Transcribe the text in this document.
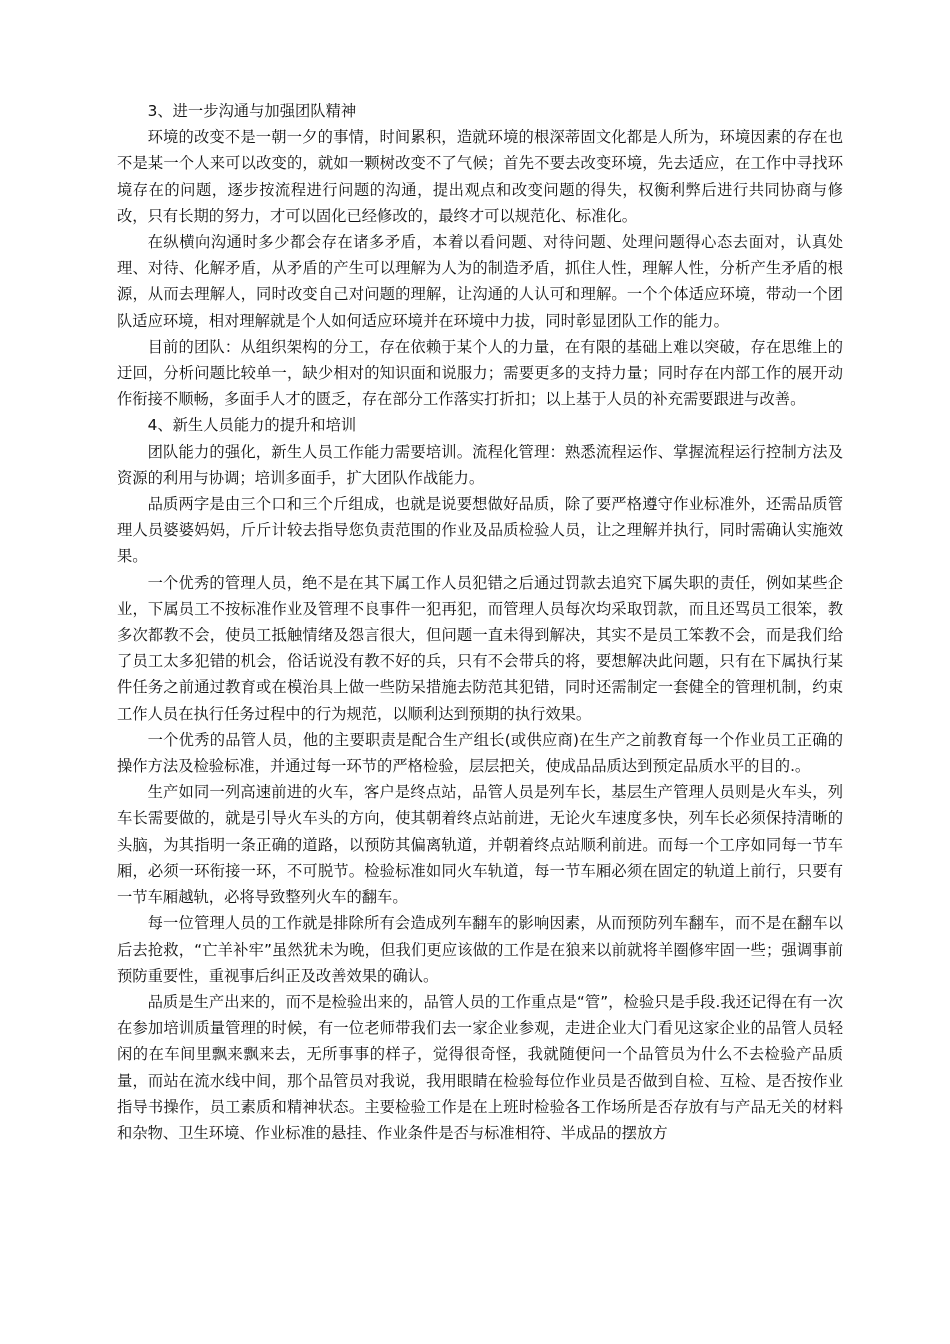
3、进一步沟通与加强团队精神

环境的改变不是一朝一夕的事情，时间累积，造就环境的根深蒂固文化都是人所为，环境因素的存在也不是某一个人来可以改变的，就如一颗树改变不了气候；首先不要去改变环境，先去适应，在工作中寻找环境存在的问题，逐步按流程进行问题的沟通，提出观点和改变问题的得失，权衡利弊后进行共同协商与修改，只有长期的努力，才可以固化已经修改的，最终才可以规范化、标准化。

在纵横向沟通时多少都会存在诸多矛盾，本着以看问题、对待问题、处理问题得心态去面对，认真处理、对待、化解矛盾，从矛盾的产生可以理解为人为的制造矛盾，抓住人性，理解人性，分析产生矛盾的根源，从而去理解人，同时改变自己对问题的理解，让沟通的人认可和理解。一个个体适应环境，带动一个团队适应环境，相对理解就是个人如何适应环境并在环境中力拔，同时彰显团队工作的能力。

目前的团队：从组织架构的分工，存在依赖于某个人的力量，在有限的基础上难以突破，存在思维上的迂回，分析问题比较单一，缺少相对的知识面和说服力；需要更多的支持力量；同时存在内部工作的展开动作衔接不顺畅，多面手人才的匮乏，存在部分工作落实打折扣；以上基于人员的补充需要跟进与改善。

4、新生人员能力的提升和培训

团队能力的强化，新生人员工作能力需要培训。流程化管理：熟悉流程运作、掌握流程运行控制方法及资源的利用与协调；培训多面手，扩大团队作战能力。

品质两字是由三个口和三个斤组成，也就是说要想做好品质，除了要严格遵守作业标准外，还需品质管理人员婆婆妈妈，斤斤计较去指导您负责范围的作业及品质检验人员，让之理解并执行，同时需确认实施效果。

一个优秀的管理人员，绝不是在其下属工作人员犯错之后通过罚款去追究下属失职的责任，例如某些企业，下属员工不按标准作业及管理不良事件一犯再犯，而管理人员每次均采取罚款，而且还骂员工很笨，教多次都教不会，使员工抵触情绪及怨言很大，但问题一直未得到解决，其实不是员工笨教不会，而是我们给了员工太多犯错的机会，俗话说没有教不好的兵，只有不会带兵的将，要想解决此问题，只有在下属执行某件任务之前通过教育或在模治具上做一些防呆措施去防范其犯错，同时还需制定一套健全的管理机制，约束工作人员在执行任务过程中的行为规范，以顺利达到预期的执行效果。

一个优秀的品管人员，他的主要职责是配合生产组长(或供应商)在生产之前教育每一个作业员工正确的操作方法及检验标准，并通过每一环节的严格检验，层层把关，使成品品质达到预定品质水平的目的.。

生产如同一列高速前进的火车，客户是终点站，品管人员是列车长，基层生产管理人员则是火车头，列车长需要做的，就是引导火车头的方向，使其朝着终点站前进，无论火车速度多快，列车长必须保持清晰的头脑，为其指明一条正确的道路，以预防其偏离轨道，并朝着终点站顺利前进。而每一个工序如同每一节车厢，必须一环衔接一环，不可脱节。检验标准如同火车轨道，每一节车厢必须在固定的轨道上前行，只要有一节车厢越轨，必将导致整列火车的翻车。

每一位管理人员的工作就是排除所有会造成列车翻车的影响因素，从而预防列车翻车，而不是在翻车以后去抢救，“亡羊补牢”虽然犹未为晚，但我们更应该做的工作是在狼来以前就将羊圈修牢固一些；强调事前预防重要性，重视事后纠正及改善效果的确认。

品质是生产出来的，而不是检验出来的，品管人员的工作重点是“管”，检验只是手段.我还记得在有一次在参加培训质量管理的时候，有一位老师带我们去一家企业参观，走进企业大门看见这家企业的品管人员轻闲的在车间里飘来飘来去，无所事事的样子，觉得很奇怪，我就随便问一个品管员为什么不去检验产品质量，而站在流水线中间，那个品管员对我说，我用眼睛在检验每位作业员是否做到自检、互检、是否按作业指导书操作，员工素质和精神状态。主要检验工作是在上班时检验各工作场所是否存放有与产品无关的材料和杂物、卫生环境、作业标准的悬挂、作业条件是否与标准相符、半成品的摆放方
